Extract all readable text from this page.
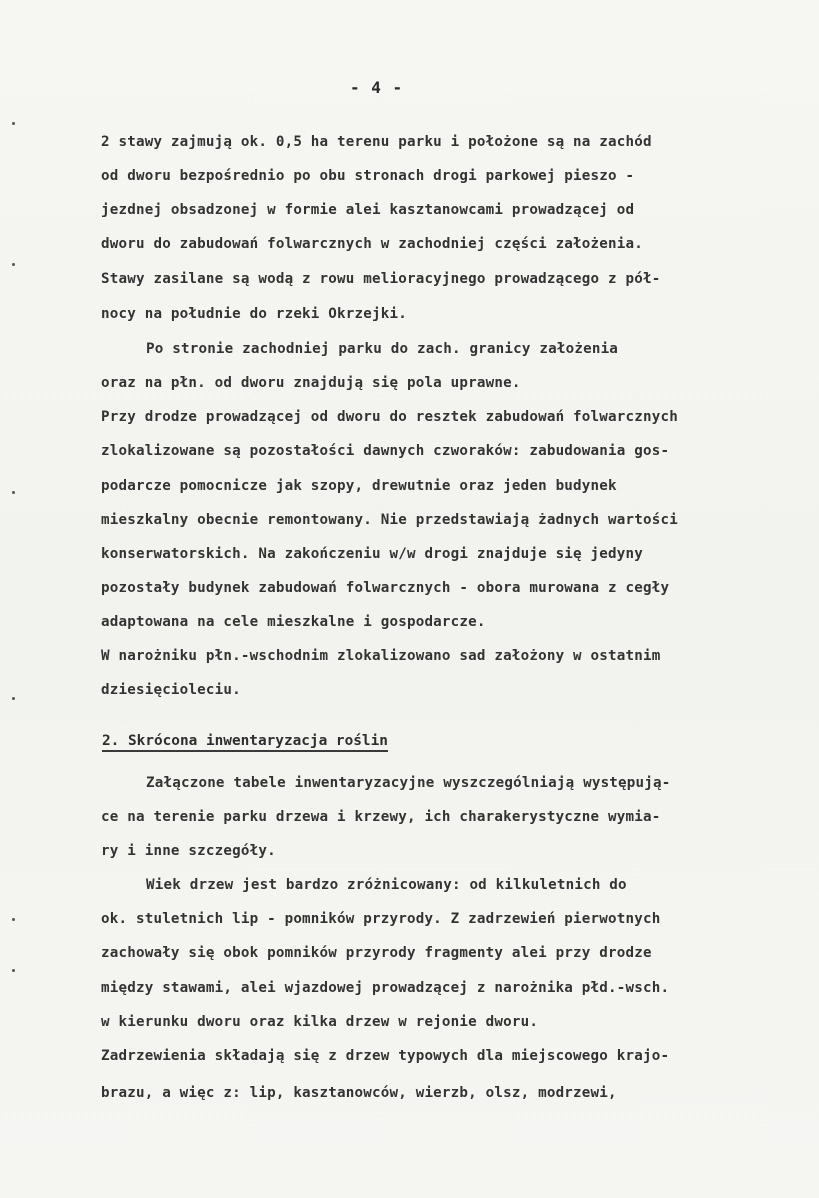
- 4 -
2 stawy zajmują ok. 0,5 ha terenu parku i położone są na zachód
od dworu bezpośrednio po obu stronach drogi parkowej pieszo -
jezdnej obsadzonej w formie alei kasztanowcami prowadzącej od
dworu do zabudowań folwarcznych w zachodniej części założenia.
Stawy zasilane są wodą z rowu melioracyjnego prowadzącego z pół-
nocy na południe do rzeki Okrzejki.
Po stronie zachodniej parku do zach. granicy założenia
oraz na płn. od dworu znajdują się pola uprawne.
Przy drodze prowadzącej od dworu do resztek zabudowań folwarcznych
zlokalizowane są pozostałości dawnych czworaków: zabudowania gos-
podarcze pomocnicze jak szopy, drewutnie oraz jeden budynek
mieszkalny obecnie remontowany. Nie przedstawiają żadnych wartości
konserwatorskich. Na zakończeniu w/w drogi znajduje się jedyny
pozostały budynek zabudowań folwarcznych - obora murowana z cegły
adaptowana na cele mieszkalne i gospodarcze.
W narożniku płn.-wschodnim zlokalizowano sad założony w ostatnim
dziesięcioleciu.
2. Skrócona inwentaryzacja roślin
Załączone tabele inwentaryzacyjne wyszczególniają występują-
ce na terenie parku drzewa i krzewy, ich charakerystyczne wymia-
ry i inne szczegóły.
Wiek drzew jest bardzo zróżnicowany: od kilkuletnich do
ok. stuletnich lip - pomników przyrody. Z zadrzewień pierwotnych
zachowały się obok pomników przyrody fragmenty alei przy drodze
między stawami, alei wjazdowej prowadzącej z narożnika płd.-wsch.
w kierunku dworu oraz kilka drzew w rejonie dworu.
Zadrzewienia składają się z drzew typowych dla miejscowego krajo-
brazu, a więc z: lip, kasztanowców, wierzb, olsz, modrzewi,
